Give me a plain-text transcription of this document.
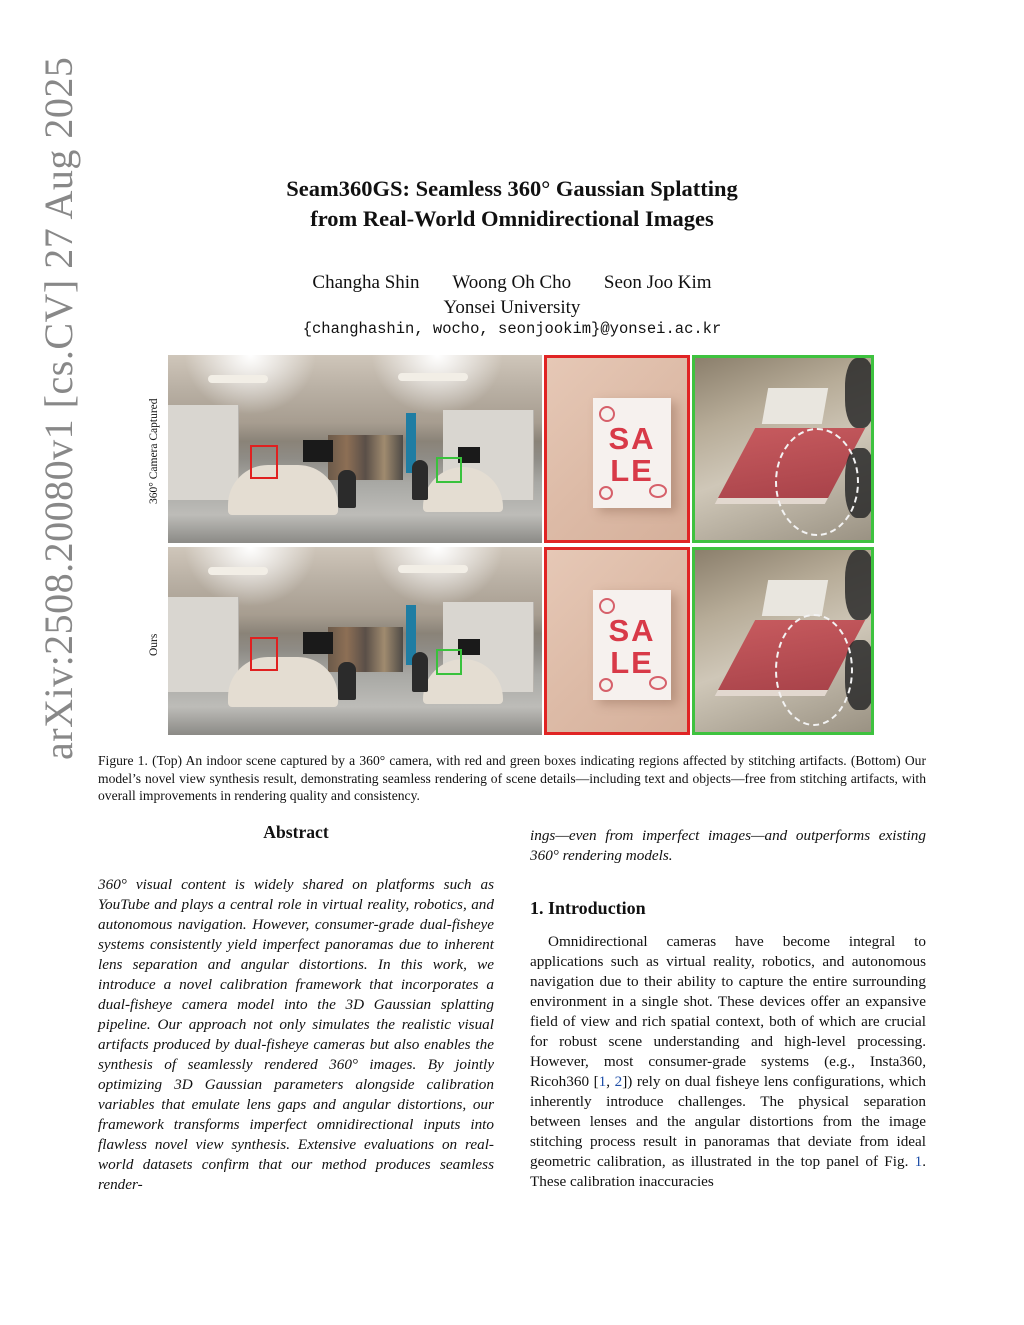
arXiv:2508.20080v1 [cs.CV] 27 Aug 2025	Seam360GS: Seamless 360° Gaussian Splatting
from Real-World Omnidirectional Images
Changha Shin Woong Oh Cho Seon Joo Kim
Yonsei University
{changhashin, wocho, seonjookim}@yonsei.ac.kr
360° Camera Captured
Ours
SA
LE
SA
LE
Figure 1. (Top) An indoor scene captured by a 360° camera, with red and green boxes indicating regions affected by stitching artifacts. (Bottom) Our model’s novel view synthesis result, demonstrating seamless rendering of scene details—including text and objects—free from stitching artifacts, with overall improvements in rendering quality and consistency.
Abstract
360° visual content is widely shared on platforms such as YouTube and plays a central role in virtual reality, robotics, and autonomous navigation. However, consumer-grade dual-fisheye systems consistently yield imperfect panoramas due to inherent lens separation and angular distortions. In this work, we introduce a novel calibration framework that incorporates a dual-fisheye camera model into the 3D Gaussian splatting pipeline. Our approach not only simulates the realistic visual artifacts produced by dual-fisheye cameras but also enables the synthesis of seamlessly rendered 360° images. By jointly optimizing 3D Gaussian parameters alongside calibration variables that emulate lens gaps and angular distortions, our framework transforms imperfect omnidirectional inputs into flawless novel view synthesis. Extensive evaluations on real-world datasets confirm that our method produces seamless render-
ings—even from imperfect images—and outperforms existing 360° rendering models.
1. Introduction
Omnidirectional cameras have become integral to applications such as virtual reality, robotics, and autonomous navigation due to their ability to capture the entire surrounding environment in a single shot. These devices offer an expansive field of view and rich spatial context, both of which are crucial for robust scene understanding and high-level processing. However, most consumer-grade systems (e.g., Insta360, Ricoh360 [1, 2]) rely on dual fisheye lens configurations, which inherently introduce challenges. The physical separation between lenses and the angular distortions from the image stitching process result in panoramas that deviate from ideal geometric calibration, as illustrated in the top panel of Fig. 1. These calibration inaccuracies
